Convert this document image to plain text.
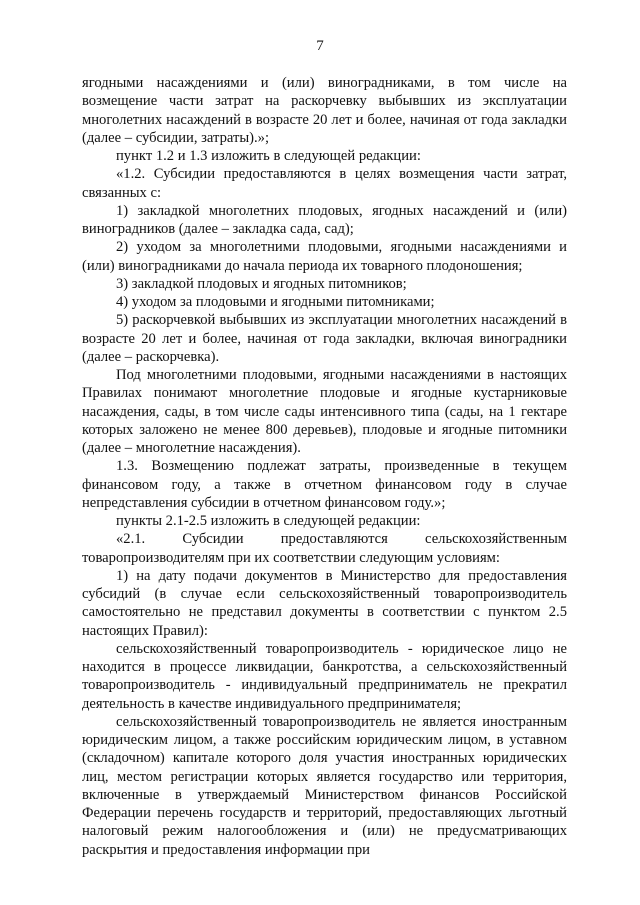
7

ягодными насаждениями и (или) виноградниками, в том числе на возмещение части затрат на раскорчевку выбывших из эксплуатации многолетних насаждений в возрасте 20 лет и более, начиная от года закладки (далее – субсидии, затраты).»;

пункт 1.2 и 1.3 изложить в следующей редакции:

«1.2. Субсидии предоставляются в целях возмещения части затрат, связанных с:

1) закладкой многолетних плодовых, ягодных насаждений и (или) виноградников (далее – закладка сада, сад);

2) уходом за многолетними плодовыми, ягодными насаждениями и (или) виноградниками до начала периода их товарного плодоношения;

3) закладкой плодовых и ягодных питомников;

4) уходом за плодовыми и ягодными питомниками;

5) раскорчевкой выбывших из эксплуатации многолетних насаждений в возрасте 20 лет и более, начиная от года закладки, включая виноградники (далее – раскорчевка).

Под многолетними плодовыми, ягодными насаждениями в настоящих Правилах понимают многолетние плодовые и ягодные кустарниковые насаждения, сады, в том числе сады интенсивного типа (сады, на 1 гектаре которых заложено не менее 800 деревьев), плодовые и ягодные питомники (далее – многолетние насаждения).

1.3. Возмещению подлежат затраты, произведенные в текущем финансовом году, а также в отчетном финансовом году в случае непредставления субсидии в отчетном финансовом году.»;

пункты 2.1-2.5 изложить в следующей редакции:

«2.1. Субсидии предоставляются сельскохозяйственным товаропроизводителям при их соответствии следующим условиям:

1) на дату подачи документов в Министерство для предоставления субсидий (в случае если сельскохозяйственный товаропроизводитель самостоятельно не представил документы в соответствии с пунктом 2.5 настоящих Правил):

сельскохозяйственный товаропроизводитель - юридическое лицо не находится в процессе ликвидации, банкротства, а сельскохозяйственный товаропроизводитель - индивидуальный предприниматель не прекратил деятельность в качестве индивидуального предпринимателя;

сельскохозяйственный товаропроизводитель не является иностранным юридическим лицом, а также российским юридическим лицом, в уставном (складочном) капитале которого доля участия иностранных юридических лиц, местом регистрации которых является государство или территория, включенные в утверждаемый Министерством финансов Российской Федерации перечень государств и территорий, предоставляющих льготный налоговый режим налогообложения и (или) не предусматривающих раскрытия и предоставления информации при
